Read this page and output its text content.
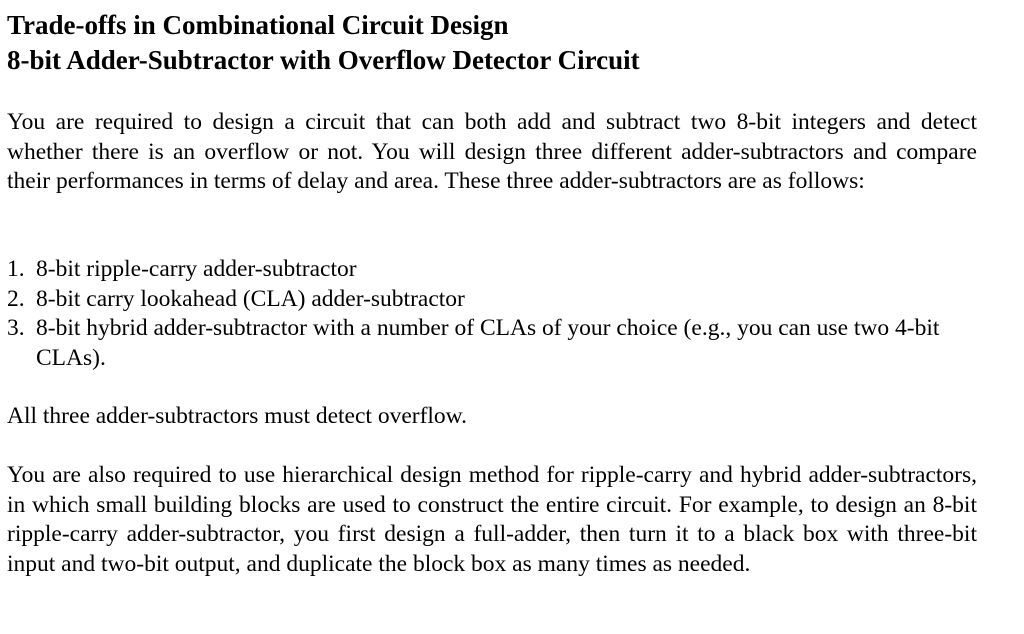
Trade-offs in Combinational Circuit Design
8-bit Adder-Subtractor with Overflow Detector Circuit

You are required to design a circuit that can both add and subtract two 8-bit integers and detect whether there is an overflow or not. You will design three different adder-subtractors and compare their performances in terms of delay and area. These three adder-subtractors are as follows:

1. 8-bit ripple-carry adder-subtractor
2. 8-bit carry lookahead (CLA) adder-subtractor
3. 8-bit hybrid adder-subtractor with a number of CLAs of your choice (e.g., you can use two 4-bit CLAs).

All three adder-subtractors must detect overflow.

You are also required to use hierarchical design method for ripple-carry and hybrid adder-subtractors, in which small building blocks are used to construct the entire circuit. For example, to design an 8-bit ripple-carry adder-subtractor, you first design a full-adder, then turn it to a black box with three-bit input and two-bit output, and duplicate the block box as many times as needed.
